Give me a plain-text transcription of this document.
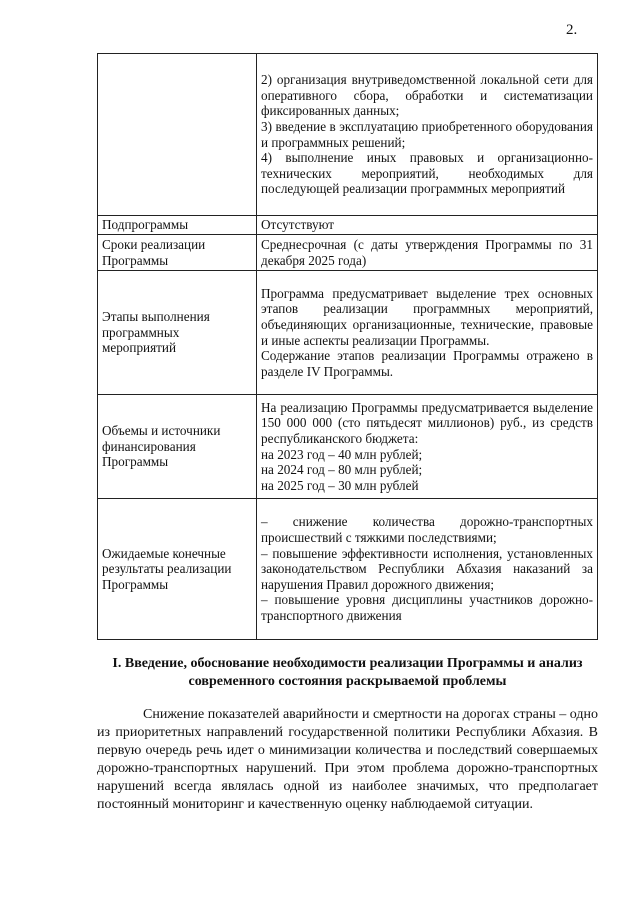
2.

	2) организация внутриведомственной локальной сети для оперативного сбора, обработки и систематизации фиксированных данных;
3) введение в эксплуатацию приобретенного оборудования и программных решений;
4) выполнение иных правовых и организационно-технических мероприятий, необходимых для последующей реализации программных мероприятий

Подпрограммы	Отсутствуют

Сроки реализации Программы	Среднесрочная (с даты утверждения Программы по 31 декабря 2025 года)

Этапы выполнения программных мероприятий	Программа предусматривает выделение трех основных этапов реализации программных мероприятий, объединяющих организационные, технические, правовые и иные аспекты реализации Программы.
Содержание этапов реализации Программы отражено в разделе IV Программы.

Объемы и источники финансирования Программы	На реализацию Программы предусматривается выделение 150 000 000 (сто пятьдесят миллионов) руб., из средств республиканского бюджета:
на 2023 год – 40 млн рублей;
на 2024 год – 80 млн рублей;
на 2025 год – 30 млн рублей

Ожидаемые конечные результаты реализации Программы	– снижение количества дорожно-транспортных происшествий с тяжкими последствиями;
– повышение эффективности исполнения, установленных законодательством Республики Абхазия наказаний за нарушения Правил дорожного движения;
– повышение уровня дисциплины участников дорожно-транспортного движения
I. Введение, обоснование необходимости реализации Программы и анализ современного состояния раскрываемой проблемы

Снижение показателей аварийности и смертности на дорогах страны – одно из приоритетных направлений государственной политики Республики Абхазия. В первую очередь речь идет о минимизации количества и последствий совершаемых дорожно-транспортных нарушений. При этом проблема дорожно-транспортных нарушений всегда являлась одной из наиболее значимых, что предполагает постоянный мониторинг и качественную оценку наблюдаемой ситуации.
